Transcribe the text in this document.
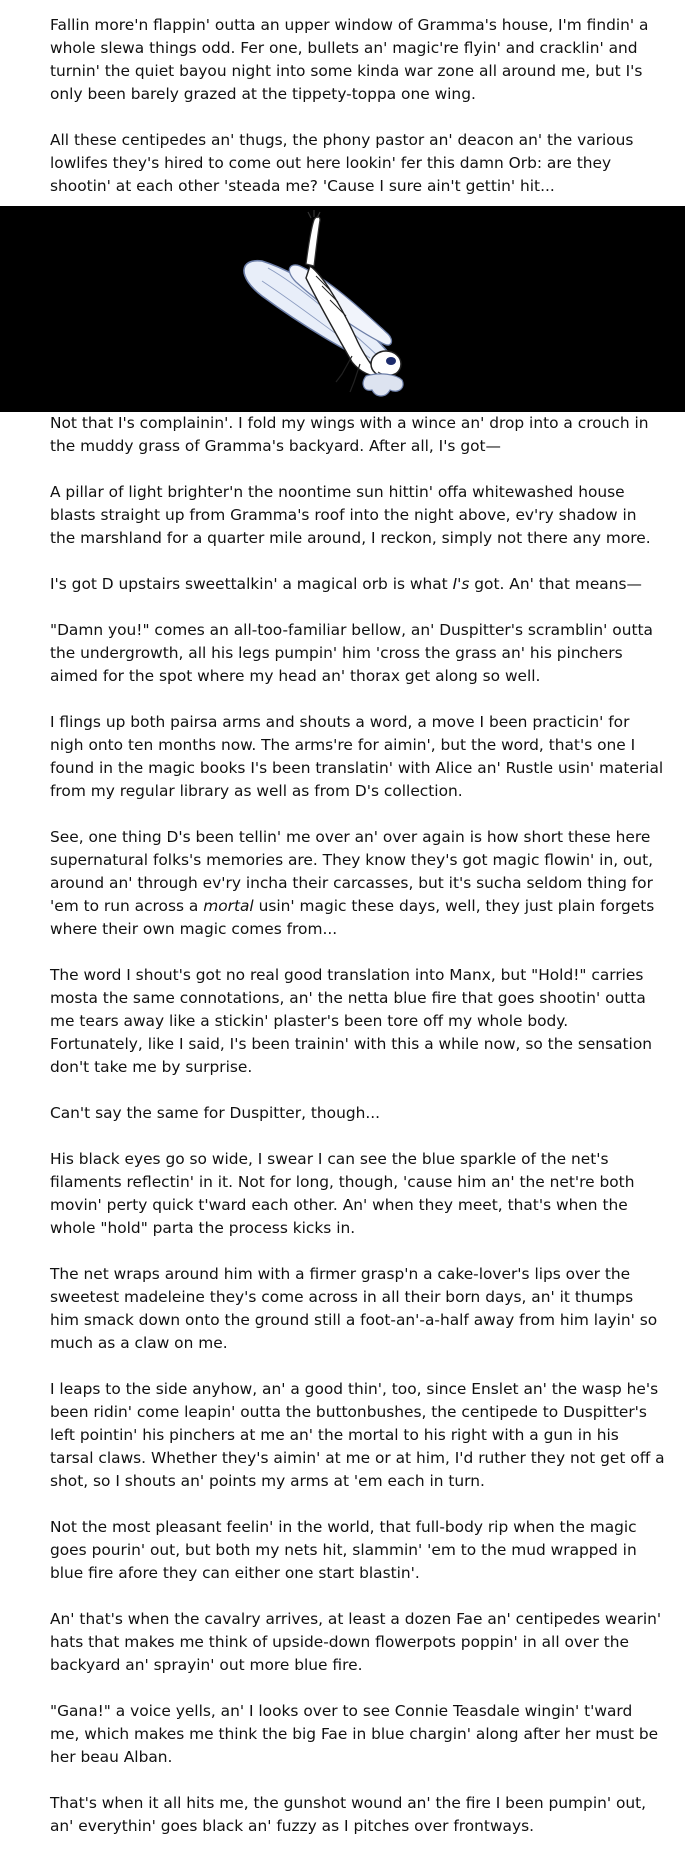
Fallin more'n flappin' outta an upper window of Gramma's house, I'm findin' a whole slewa things odd. Fer one, bullets an' magic're flyin' and cracklin' and turnin' the quiet bayou night into some kinda war zone all around me, but I's only been barely grazed at the tippety-toppa one wing.

All these centipedes an' thugs, the phony pastor an' deacon an' the various lowlifes they's hired to come out here lookin' fer this damn Orb: are they shootin' at each other 'steada me? 'Cause I sure ain't gettin' hit...

Not that I's complainin'. I fold my wings with a wince an' drop into a crouch in the muddy grass of Gramma's backyard. After all, I's got—

A pillar of light brighter'n the noontime sun hittin' offa whitewashed house blasts straight up from Gramma's roof into the night above, ev'ry shadow in the marshland for a quarter mile around, I reckon, simply not there any more.

I's got D upstairs sweettalkin' a magical orb is what I's got. An' that means—

"Damn you!" comes an all-too-familiar bellow, an' Duspitter's scramblin' outta the undergrowth, all his legs pumpin' him 'cross the grass an' his pinchers aimed for the spot where my head an' thorax get along so well.

I flings up both pairsa arms and shouts a word, a move I been practicin' for nigh onto ten months now. The arms're for aimin', but the word, that's one I found in the magic books I's been translatin' with Alice an' Rustle usin' material from my regular library as well as from D's collection.

See, one thing D's been tellin' me over an' over again is how short these here supernatural folks's memories are. They know they's got magic flowin' in, out, around an' through ev'ry incha their carcasses, but it's sucha seldom thing for 'em to run across a mortal usin' magic these days, well, they just plain forgets where their own magic comes from...

The word I shout's got no real good translation into Manx, but "Hold!" carries mosta the same connotations, an' the netta blue fire that goes shootin' outta me tears away like a stickin' plaster's been tore off my whole body. Fortunately, like I said, I's been trainin' with this a while now, so the sensation don't take me by surprise.

Can't say the same for Duspitter, though...

His black eyes go so wide, I swear I can see the blue sparkle of the net's filaments reflectin' in it. Not for long, though, 'cause him an' the net're both movin' perty quick t'ward each other. An' when they meet, that's when the whole "hold" parta the process kicks in.

The net wraps around him with a firmer grasp'n a cake-lover's lips over the sweetest madeleine they's come across in all their born days, an' it thumps him smack down onto the ground still a foot-an'-a-half away from him layin' so much as a claw on me.

I leaps to the side anyhow, an' a good thin', too, since Enslet an' the wasp he's been ridin' come leapin' outta the buttonbushes, the centipede to Duspitter's left pointin' his pinchers at me an' the mortal to his right with a gun in his tarsal claws. Whether they's aimin' at me or at him, I'd ruther they not get off a shot, so I shouts an' points my arms at 'em each in turn.

Not the most pleasant feelin' in the world, that full-body rip when the magic goes pourin' out, but both my nets hit, slammin' 'em to the mud wrapped in blue fire afore they can either one start blastin'.

An' that's when the cavalry arrives, at least a dozen Fae an' centipedes wearin' hats that makes me think of upside-down flowerpots poppin' in all over the backyard an' sprayin' out more blue fire.

"Gana!" a voice yells, an' I looks over to see Connie Teasdale wingin' t'ward me, which makes me think the big Fae in blue chargin' along after her must be her beau Alban.

That's when it all hits me, the gunshot wound an' the fire I been pumpin' out, an' everythin' goes black an' fuzzy as I pitches over frontways.
